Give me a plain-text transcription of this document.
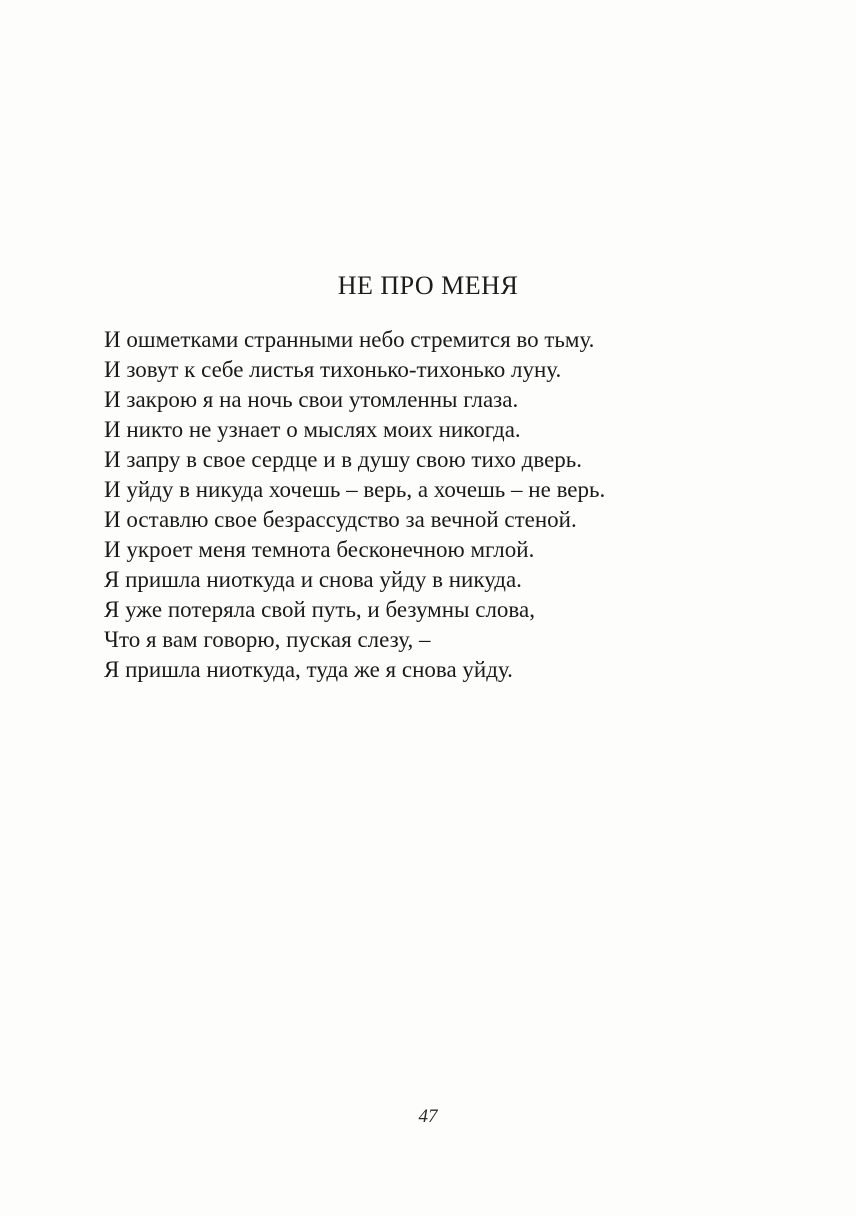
НЕ ПРО МЕНЯ
И ошметками странными небо стремится во тьму.
И зовут к себе листья тихонько-тихонько луну.
И закрою я на ночь свои утомленны глаза.
И никто не узнает о мыслях моих никогда.
И запру в свое сердце и в душу свою тихо дверь.
И уйду в никуда хочешь – верь, а хочешь – не верь.
И оставлю свое безрассудство за вечной стеной.
И укроет меня темнота бесконечною мглой.
Я пришла ниоткуда и снова уйду в никуда.
Я уже потеряла свой путь, и безумны слова,
Что я вам говорю, пуская слезу, –
Я пришла ниоткуда, туда же я снова уйду.
47
